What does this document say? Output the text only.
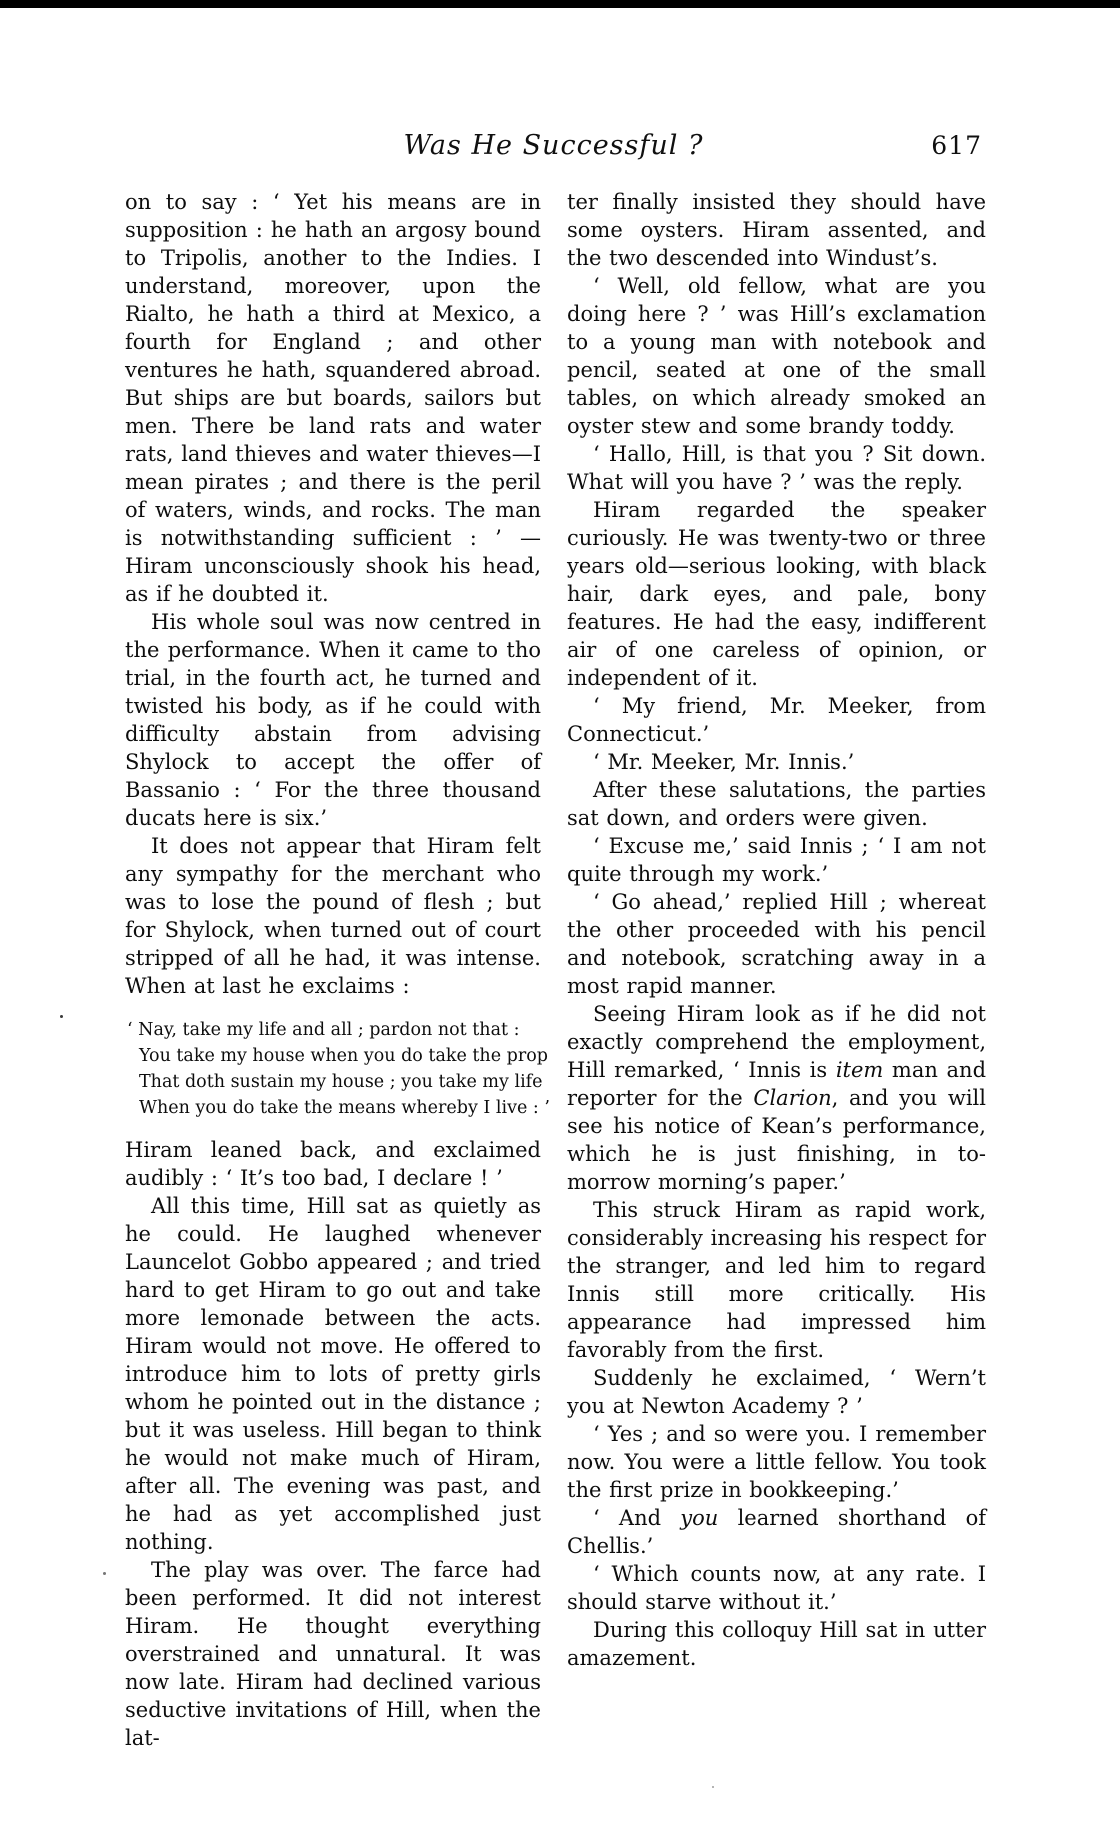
Was He Successful ?	617

on to say : ‘ Yet his means are in supposition : he hath an argosy bound to Tripolis, another to the Indies. I understand, moreover, upon the Rialto, he hath a third at Mexico, a fourth for England ; and other ventures he hath, squandered abroad. But ships are but boards, sailors but men. There be land rats and water rats, land thieves and water thieves—I mean pirates ; and there is the peril of waters, winds, and rocks. The man is notwithstanding sufficient : ’ —Hiram unconsciously shook his head, as if he doubted it.

His whole soul was now centred in the performance. When it came to tho trial, in the fourth act, he turned and twisted his body, as if he could with difficulty abstain from advising Shylock to accept the offer of Bassanio : ‘ For the three thousand ducats here is six.’

It does not appear that Hiram felt any sympathy for the merchant who was to lose the pound of flesh ; but for Shylock, when turned out of court stripped of all he had, it was intense. When at last he exclaims :

‘ Nay, take my life and all ; pardon not that :
You take my house when you do take the prop
That doth sustain my house ; you take my life
When you do take the means whereby I live : ’

Hiram leaned back, and exclaimed audibly : ‘ It’s too bad, I declare ! ’

All this time, Hill sat as quietly as he could. He laughed whenever Launcelot Gobbo appeared ; and tried hard to get Hiram to go out and take more lemonade between the acts. Hiram would not move. He offered to introduce him to lots of pretty girls whom he pointed out in the distance ; but it was useless. Hill began to think he would not make much of Hiram, after all. The evening was past, and he had as yet accomplished just nothing.

The play was over. The farce had been performed. It did not interest Hiram. He thought everything overstrained and unnatural. It was now late. Hiram had declined various seductive invitations of Hill, when the lat-

ter finally insisted they should have some oysters. Hiram assented, and the two descended into Windust’s.

‘ Well, old fellow, what are you doing here ? ’ was Hill’s exclamation to a young man with notebook and pencil, seated at one of the small tables, on which already smoked an oyster stew and some brandy toddy.

‘ Hallo, Hill, is that you ? Sit down. What will you have ? ’ was the reply.

Hiram regarded the speaker curiously. He was twenty-two or three years old—serious looking, with black hair, dark eyes, and pale, bony features. He had the easy, indifferent air of one careless of opinion, or independent of it.

‘ My friend, Mr. Meeker, from Connecticut.’

‘ Mr. Meeker, Mr. Innis.’

After these salutations, the parties sat down, and orders were given.

‘ Excuse me,’ said Innis ; ‘ I am not quite through my work.’

‘ Go ahead,’ replied Hill ; whereat the other proceeded with his pencil and notebook, scratching away in a most rapid manner.

Seeing Hiram look as if he did not exactly comprehend the employment, Hill remarked, ‘ Innis is item man and reporter for the Clarion, and you will see his notice of Kean’s performance, which he is just finishing, in to-morrow morning’s paper.’

This struck Hiram as rapid work, considerably increasing his respect for the stranger, and led him to regard Innis still more critically. His appearance had impressed him favorably from the first.

Suddenly he exclaimed, ‘ Wern’t you at Newton Academy ? ’

‘ Yes ; and so were you. I remember now. You were a little fellow. You took the first prize in bookkeeping.’

‘ And you learned shorthand of Chellis.’

‘ Which counts now, at any rate. I should starve without it.’

During this colloquy Hill sat in utter amazement.
